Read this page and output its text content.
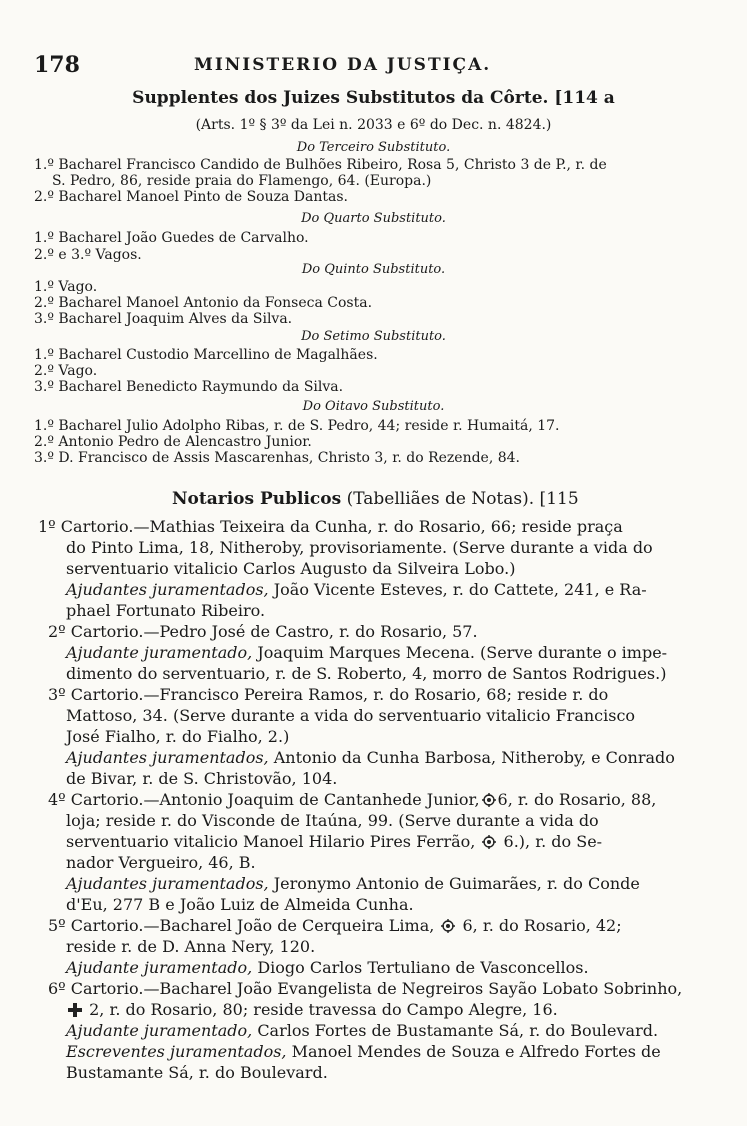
178	MINISTERIO DA JUSTIÇA.
Supplentes dos Juizes Substitutos da Côrte. [114 a
(Arts. 1º § 3º da Lei n. 2033 e 6º do Dec. n. 4824.)
Do Terceiro Substituto.
1.º Bacharel Francisco Candido de Bulhões Ribeiro, Rosa 5, Christo 3 de P., r. de
S. Pedro, 86, reside praia do Flamengo, 64. (Europa.)
2.º Bacharel Manoel Pinto de Souza Dantas.
Do Quarto Substituto.
1.º Bacharel João Guedes de Carvalho.
2.º e 3.º Vagos.
Do Quinto Substituto.
1.º Vago.
2.º Bacharel Manoel Antonio da Fonseca Costa.
3.º Bacharel Joaquim Alves da Silva.
Do Setimo Substituto.
1.º Bacharel Custodio Marcellino de Magalhães.
2.º Vago.
3.º Bacharel Benedicto Raymundo da Silva.
Do Oitavo Substituto.
1.º Bacharel Julio Adolpho Ribas, r. de S. Pedro, 44; reside r. Humaitá, 17.
2.º Antonio Pedro de Alencastro Junior.
3.º D. Francisco de Assis Mascarenhas, Christo 3, r. do Rezende, 84.
Notarios Publicos (Tabelliães de Notas). [115
1º Cartorio.—Mathias Teixeira da Cunha, r. do Rosario, 66; reside praça
do Pinto Lima, 18, Nitheroby, provisoriamente. (Serve durante a vida do
serventuario vitalicio Carlos Augusto da Silveira Lobo.)
Ajudantes juramentados, João Vicente Esteves, r. do Cattete, 241, e Ra-
phael Fortunato Ribeiro.
2º Cartorio.—Pedro José de Castro, r. do Rosario, 57.
Ajudante juramentado, Joaquim Marques Mecena. (Serve durante o impe-
dimento do serventuario, r. de S. Roberto, 4, morro de Santos Rodrigues.)
3º Cartorio.—Francisco Pereira Ramos, r. do Rosario, 68; reside r. do
Mattoso, 34. (Serve durante a vida do serventuario vitalicio Francisco
José Fialho, r. do Fialho, 2.)
Ajudantes juramentados, Antonio da Cunha Barbosa, Nitheroby, e Conrado
de Bivar, r. de S. Christovão, 104.
4º Cartorio.—Antonio Joaquim de Cantanhede Junior, 6, r. do Rosario, 88,
loja; reside r. do Visconde de Itaúna, 99. (Serve durante a vida do
serventuario vitalicio Manoel Hilario Pires Ferrão, 6.), r. do Se-
nador Vergueiro, 46, B.
Ajudantes juramentados, Jeronymo Antonio de Guimarães, r. do Conde
d'Eu, 277 B e João Luiz de Almeida Cunha.
5º Cartorio.—Bacharel João de Cerqueira Lima, 6, r. do Rosario, 42;
reside r. de D. Anna Nery, 120.
Ajudante juramentado, Diogo Carlos Tertuliano de Vasconcellos.
6º Cartorio.—Bacharel João Evangelista de Negreiros Sayão Lobato Sobrinho,
2, r. do Rosario, 80; reside travessa do Campo Alegre, 16.
Ajudante juramentado, Carlos Fortes de Bustamante Sá, r. do Boulevard.
Escreventes juramentados, Manoel Mendes de Souza e Alfredo Fortes de
Bustamante Sá, r. do Boulevard.
